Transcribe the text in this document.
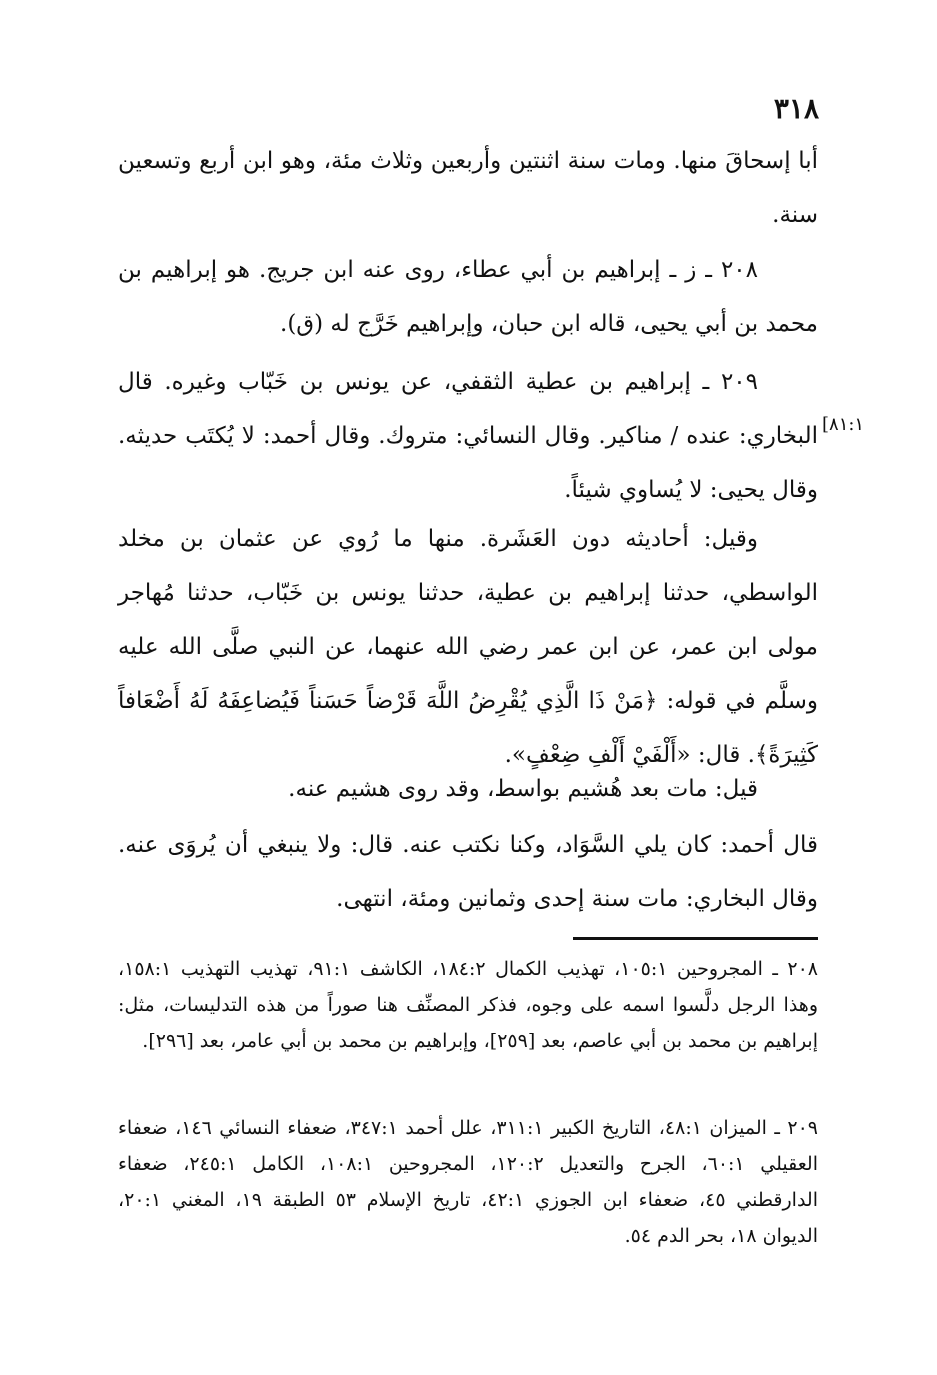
٣١٨

أبا إسحاقَ منها. ومات سنة اثنتين وأربعين وثلاث مئة، وهو ابن أربع وتسعين سنة.

٢٠٨ ـ ز ـ إبراهيم بن أبي عطاء، روى عنه ابن جريج. هو إبراهيم بن محمد بن أبي يحيى، قاله ابن حبان، وإبراهيم خَرَّج له (ق).

٢٠٩ ـ إبراهيم بن عطية الثقفي، عن يونس بن خَبّاب وغيره. قال البخاري: عنده / مناكير. وقال النسائي: متروك. وقال أحمد: لا يُكتَب حديثه. وقال يحيى: لا يُساوي شيئاً.

[٨١:١

وقيل: أحاديثه دون العَشَرة. منها ما رُوي عن عثمان بن مخلد الواسطي، حدثنا إبراهيم بن عطية، حدثنا يونس بن خَبّاب، حدثنا مُهاجر مولى ابن عمر، عن ابن عمر رضي الله عنهما، عن النبي صلَّى الله عليه وسلَّم في قوله: ﴿مَنْ ذَا الَّذِي يُقْرِضُ اللَّهَ قَرْضاً حَسَناً فَيُضاعِفَهُ لَهُ أَضْعَافاً كَثِيرَةً﴾. قال: «أَلْفَيْ أَلْفِ ضِعْفٍ».

قيل: مات بعد هُشيم بواسط، وقد روى هشيم عنه.

قال أحمد: كان يلي السَّوَاد، وكنا نكتب عنه. قال: ولا ينبغي أن يُروَى عنه. وقال البخاري: مات سنة إحدى وثمانين ومئة، انتهى.

٢٠٨ ـ المجروحين ١٠٥:١، تهذيب الكمال ١٨٤:٢، الكاشف ٩١:١، تهذيب التهذيب ١٥٨:١، وهذا الرجل دلَّسوا اسمه على وجوه، فذكر المصنِّف هنا صوراً من هذه التدليسات، مثل: إبراهيم بن محمد بن أبي عاصم، بعد [٢٥٩]، وإبراهيم بن محمد بن أبي عامر، بعد [٢٩٦].

٢٠٩ ـ الميزان ٤٨:١، التاريخ الكبير ٣١١:١، علل أحمد ٣٤٧:١، ضعفاء النسائي ١٤٦، ضعفاء العقيلي ٦٠:١، الجرح والتعديل ١٢٠:٢، المجروحين ١٠٨:١، الكامل ٢٤٥:١، ضعفاء الدارقطني ٤٥، ضعفاء ابن الجوزي ٤٢:١، تاريخ الإسلام ٥٣ الطبقة ١٩، المغني ٢٠:١، الديوان ١٨، بحر الدم ٥٤.
